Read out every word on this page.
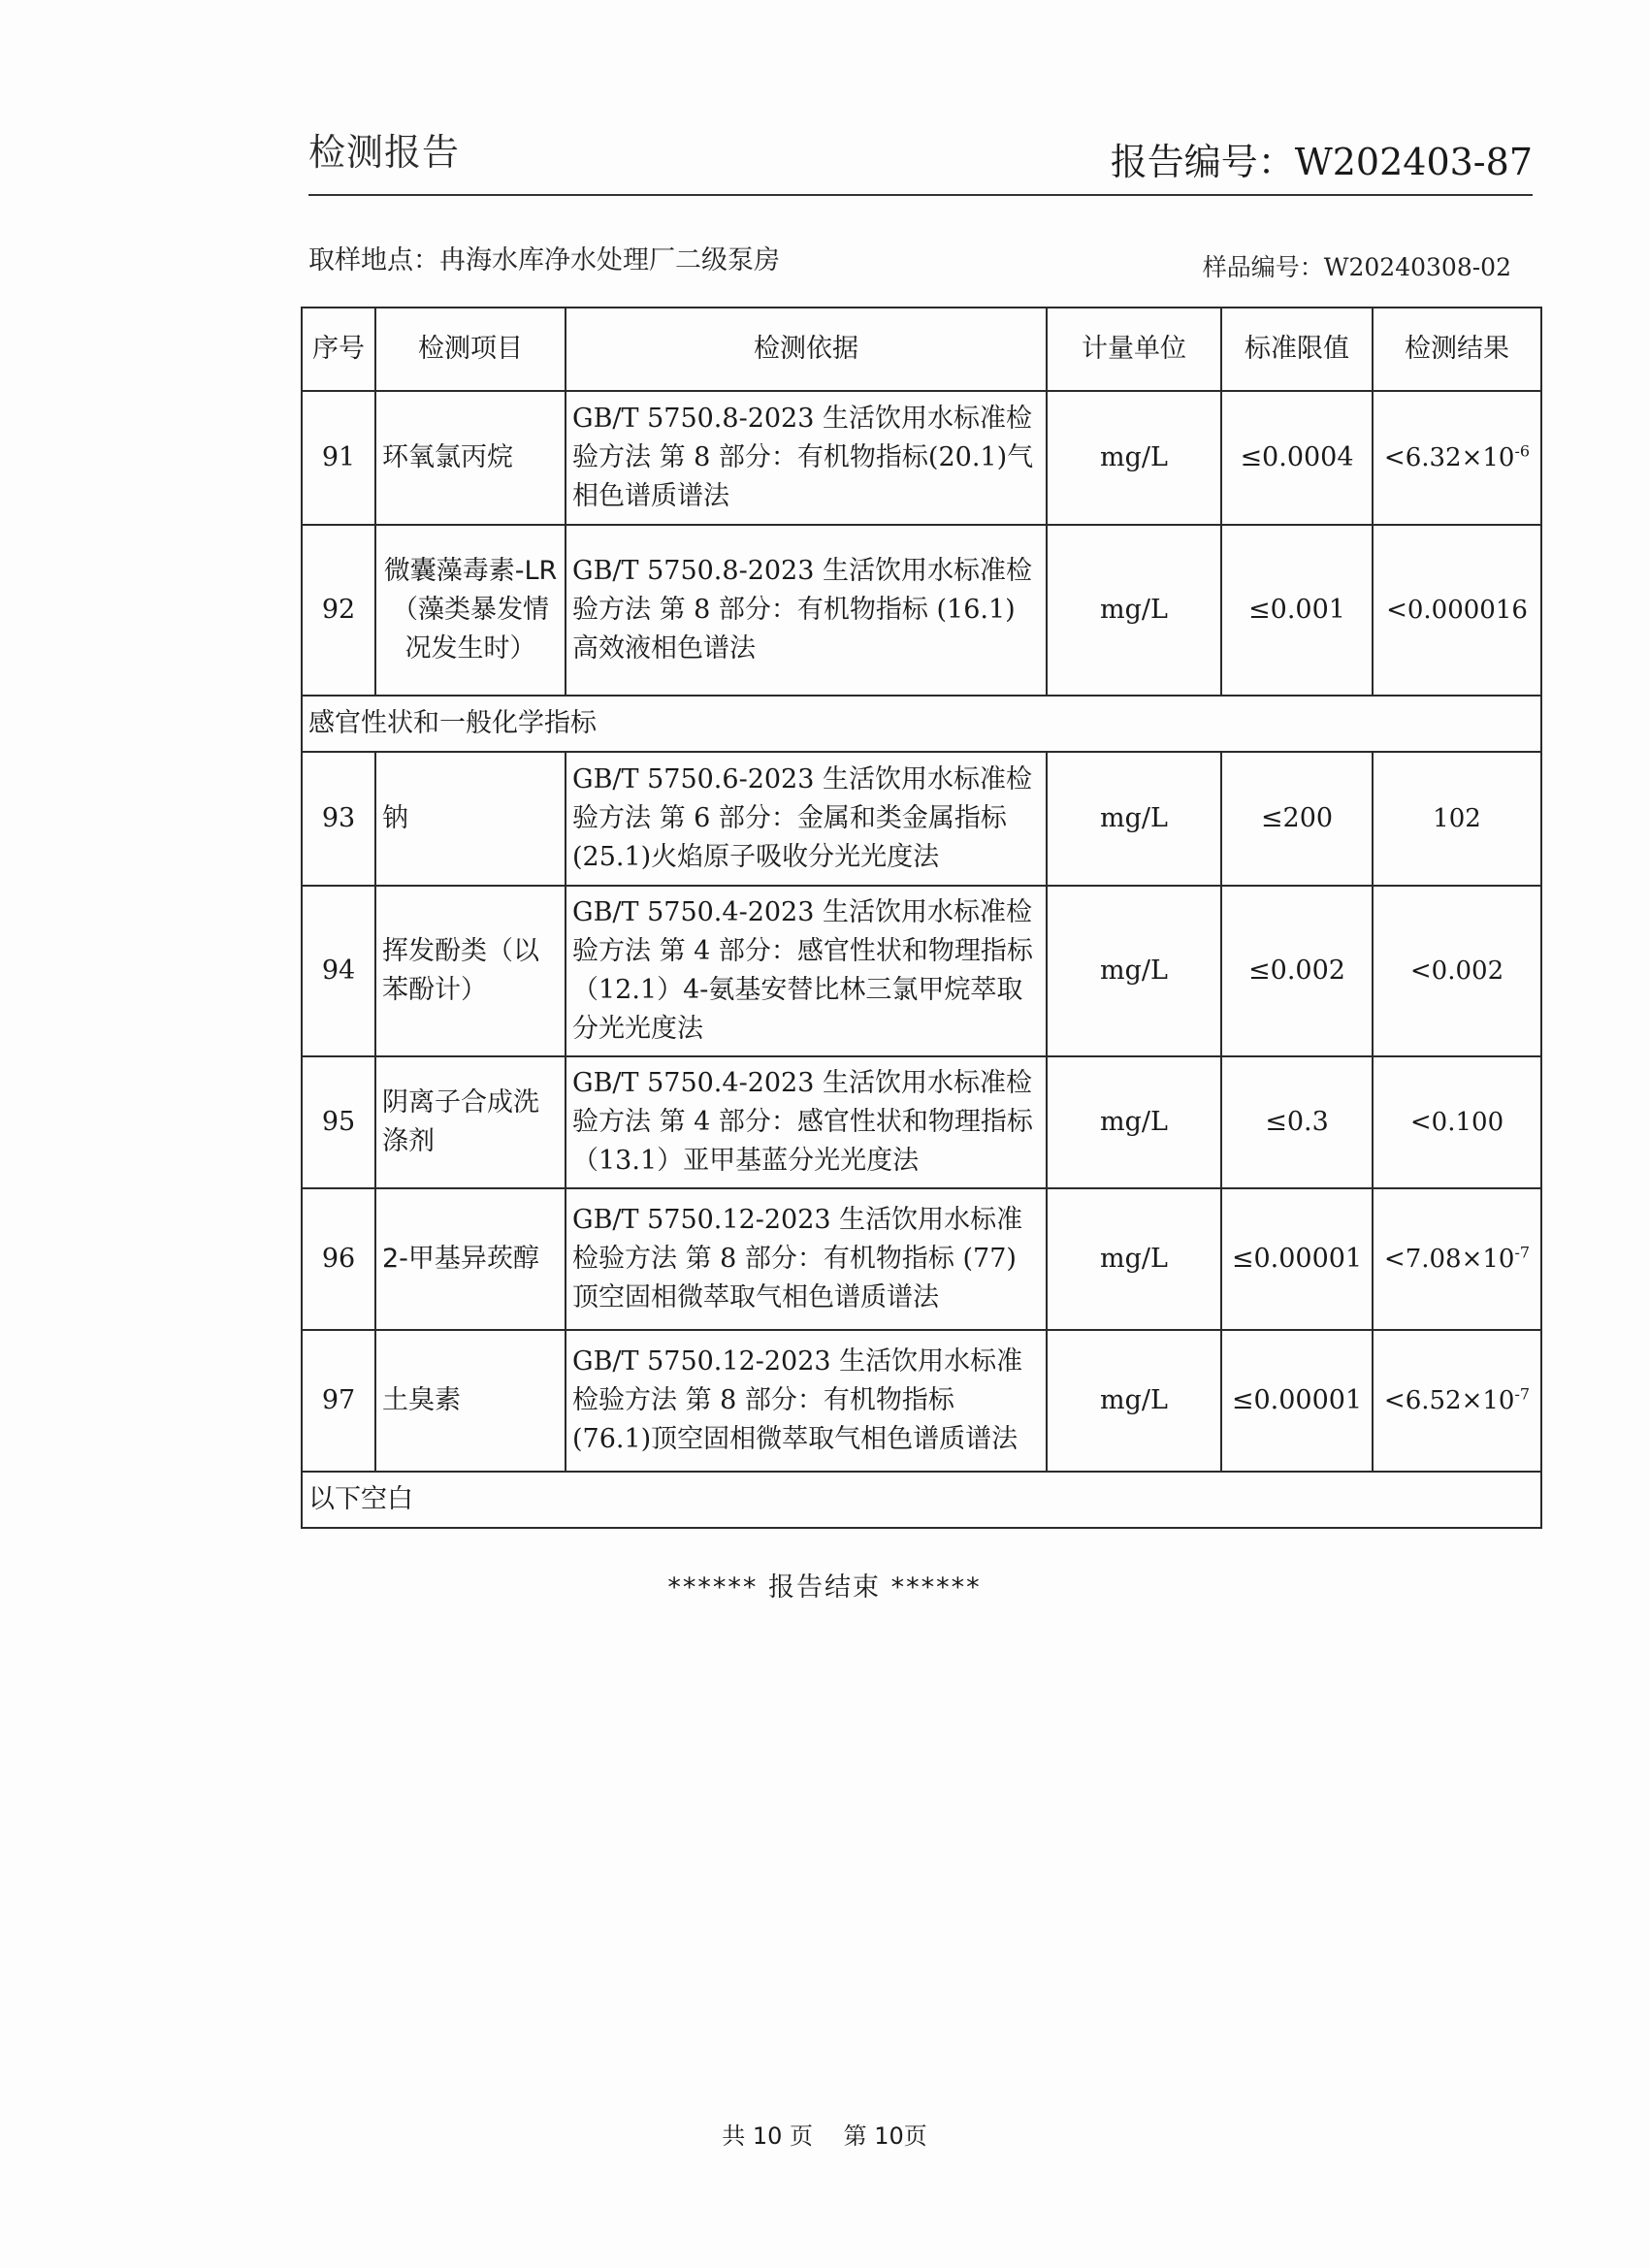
检测报告	报告编号：W202403-87
取样地点：冉海水库净水处理厂二级泵房	样品编号：W20240308-02
序号	检测项目	检测依据	计量单位	标准限值	检测结果
91	环氧氯丙烷	GB/T 5750.8-2023 生活饮用水标准检验方法 第 8 部分：有机物指标(20.1)气相色谱质谱法	mg/L	≤0.0004	$<6.32\times 10^{-6}$
92	微囊藻毒素-LR（藻类暴发情况发生时）	GB/T 5750.8-2023 生活饮用水标准检验方法 第 8 部分：有机物指标 (16.1)高效液相色谱法	mg/L	≤0.001	<0.000016
感官性状和一般化学指标					
93	钠	GB/T 5750.6-2023 生活饮用水标准检验方法 第 6 部分：金属和类金属指标(25.1)火焰原子吸收分光光度法	mg/L	≤200	102
94	挥发酚类（以苯酚计）	GB/T 5750.4-2023 生活饮用水标准检验方法 第 4 部分：感官性状和物理指标 （12.1）4-氨基安替比林三氯甲烷萃取分光光度法	mg/L	≤0.002	<0.002
95	阴离子合成洗涤剂	GB/T 5750.4-2023 生活饮用水标准检验方法 第 4 部分：感官性状和物理指标（13.1）亚甲基蓝分光光度法	mg/L	≤0.3	<0.100
96	2-甲基异莰醇	GB/T 5750.12-2023 生活饮用水标准检验方法 第 8 部分：有机物指标 (77)顶空固相微萃取气相色谱质谱法	mg/L	≤0.00001	$<7.08\times 10^{-7}$
97	土臭素	GB/T 5750.12-2023 生活饮用水标准检验方法 第 8 部分：有机物指标 (76.1)顶空固相微萃取气相色谱质谱法	mg/L	≤0.00001	$<6.52\times 10^{-7}$
以下空白					
****** 报告结束 ******
共 10 页 第 10页
